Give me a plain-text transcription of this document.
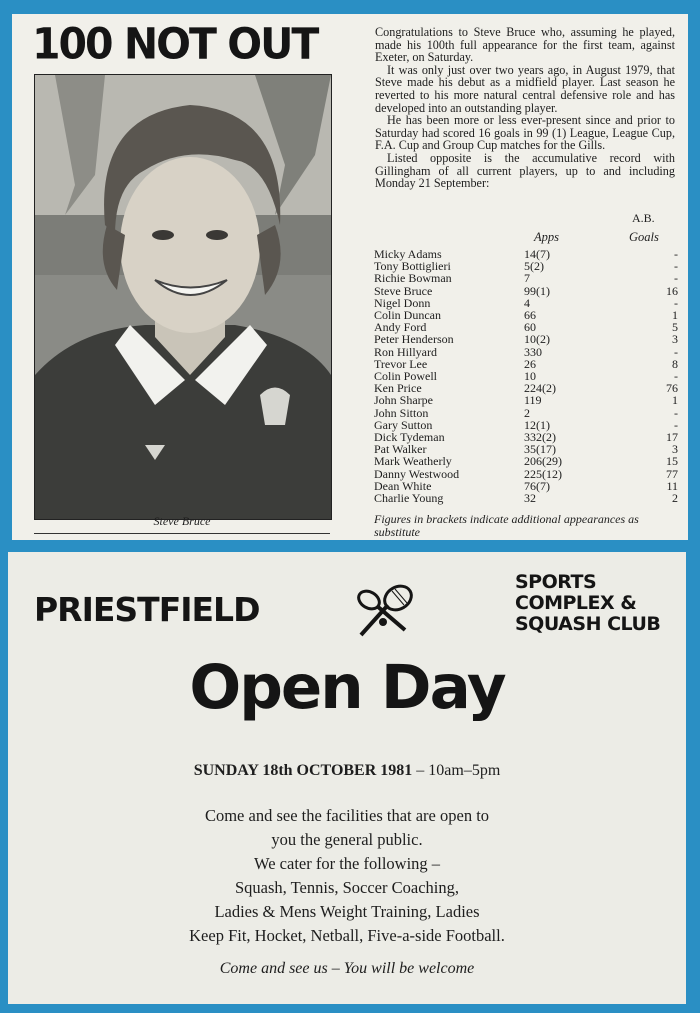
100 NOT OUT
Steve Bruce

Congratulations to Steve Bruce who, assuming he played, made his 100th full appearance for the first team, against Exeter, on Saturday.

It was only just over two years ago, in August 1979, that Steve made his debut as a midfield player. Last season he reverted to his more natural central defensive role and has developed into an outstanding player.

He has been more or less ever-present since and prior to Saturday had scored 16 goals in 99 (1) League, League Cup, F.A. Cup and Group Cup matches for the Gills.

Listed opposite is the accumulative record with Gillingham of all current players, up to and including Monday 21 September:

A.B.
Apps	Goals
Micky Adams	14(7)	-
Tony Bottiglieri	5(2)	-
Richie Bowman	7	-
Steve Bruce	99(1)	16
Nigel Donn	4	-
Colin Duncan	66	1
Andy Ford	60	5
Peter Henderson	10(2)	3
Ron Hillyard	330	-
Trevor Lee	26	8
Colin Powell	10	-
Ken Price	224(2)	76
John Sharpe	119	1
John Sitton	2	-
Gary Sutton	12(1)	-
Dick Tydeman	332(2)	17
Pat Walker	35(17)	3
Mark Weatherly	206(29)	15
Danny Westwood	225(12)	77
Dean White	76(7)	11
Charlie Young	32	2
Figures in brackets indicate additional appearances as substitute
PRIESTFIELD
SPORTS
COMPLEX &
SQUASH CLUB
Open Day
SUNDAY 18th OCTOBER 1981 – 10am–5pm
Come and see the facilities that are open to
you the general public.
We cater for the following –
Squash, Tennis, Soccer Coaching,
Ladies & Mens Weight Training, Ladies
Keep Fit, Hocket, Netball, Five-a-side Football.
Come and see us – You will be welcome
